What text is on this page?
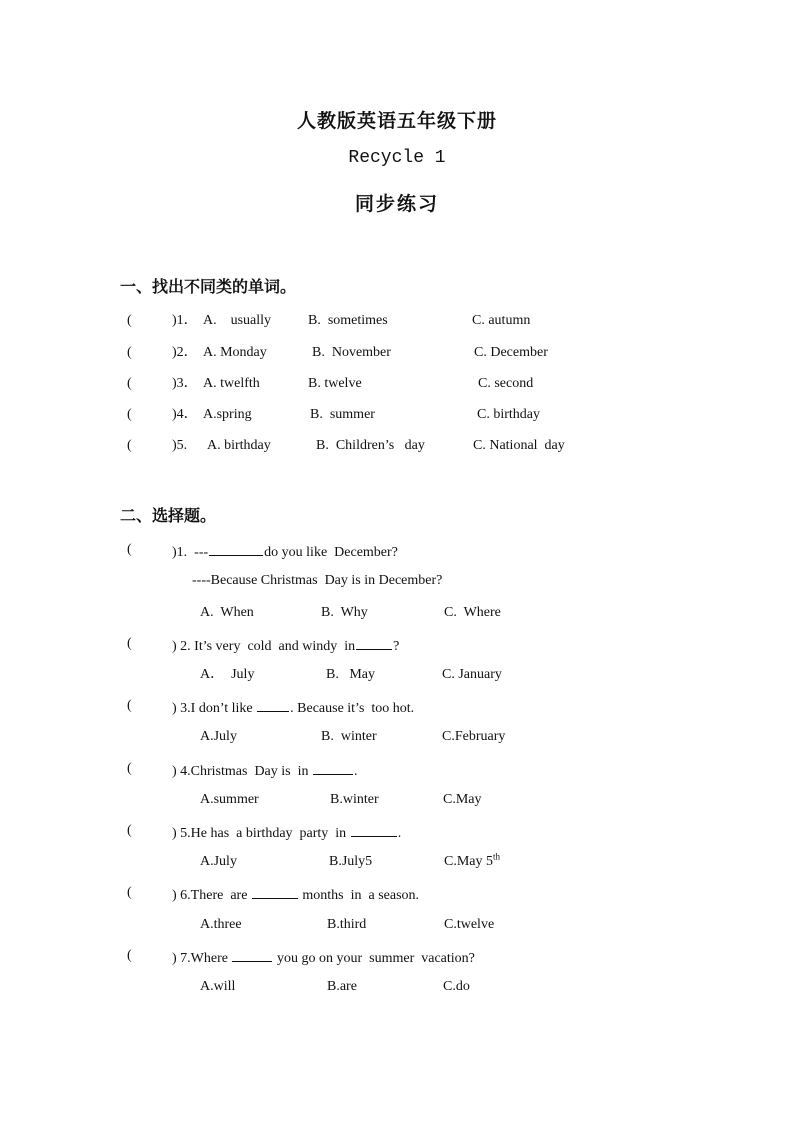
人教版英语五年级下册
Recycle 1
同步练习
一、找出不同类的单词。
(	)1． A.    usually	B.  sometimes	C. autumn
(	)2． A. Monday	B.  November	C. December
(	)3． A. twelfth	B. twelve	C. second
(	)4． A.spring	B.  summer	C. birthday
(	)5. A. birthday	B.  Children’s   day	C. National  day
二、选择题。
(	)1. ---	do you like  December?
----Because Christmas  Day is in December?
A.  When	B.  Why	C.  Where
(	) 2. It’s very  cold  and windy  in	?
A．  July	B.   May	C. January
(	) 3.I don’t like . Because it’s  too hot.
A.July	B.  winter	C.February
(	) 4.Christmas  Day is  in	.
A.summer	B.winter	C.May
(	) 5.He has  a birthday  party  in	.
A.July	B.July5	C.May 5th
(	) 6.There  are	months  in  a season.
A.three	B.third	C.twelve
(	) 7.Where	you go on your  summer  vacation?
A.will	B.are	C.do
